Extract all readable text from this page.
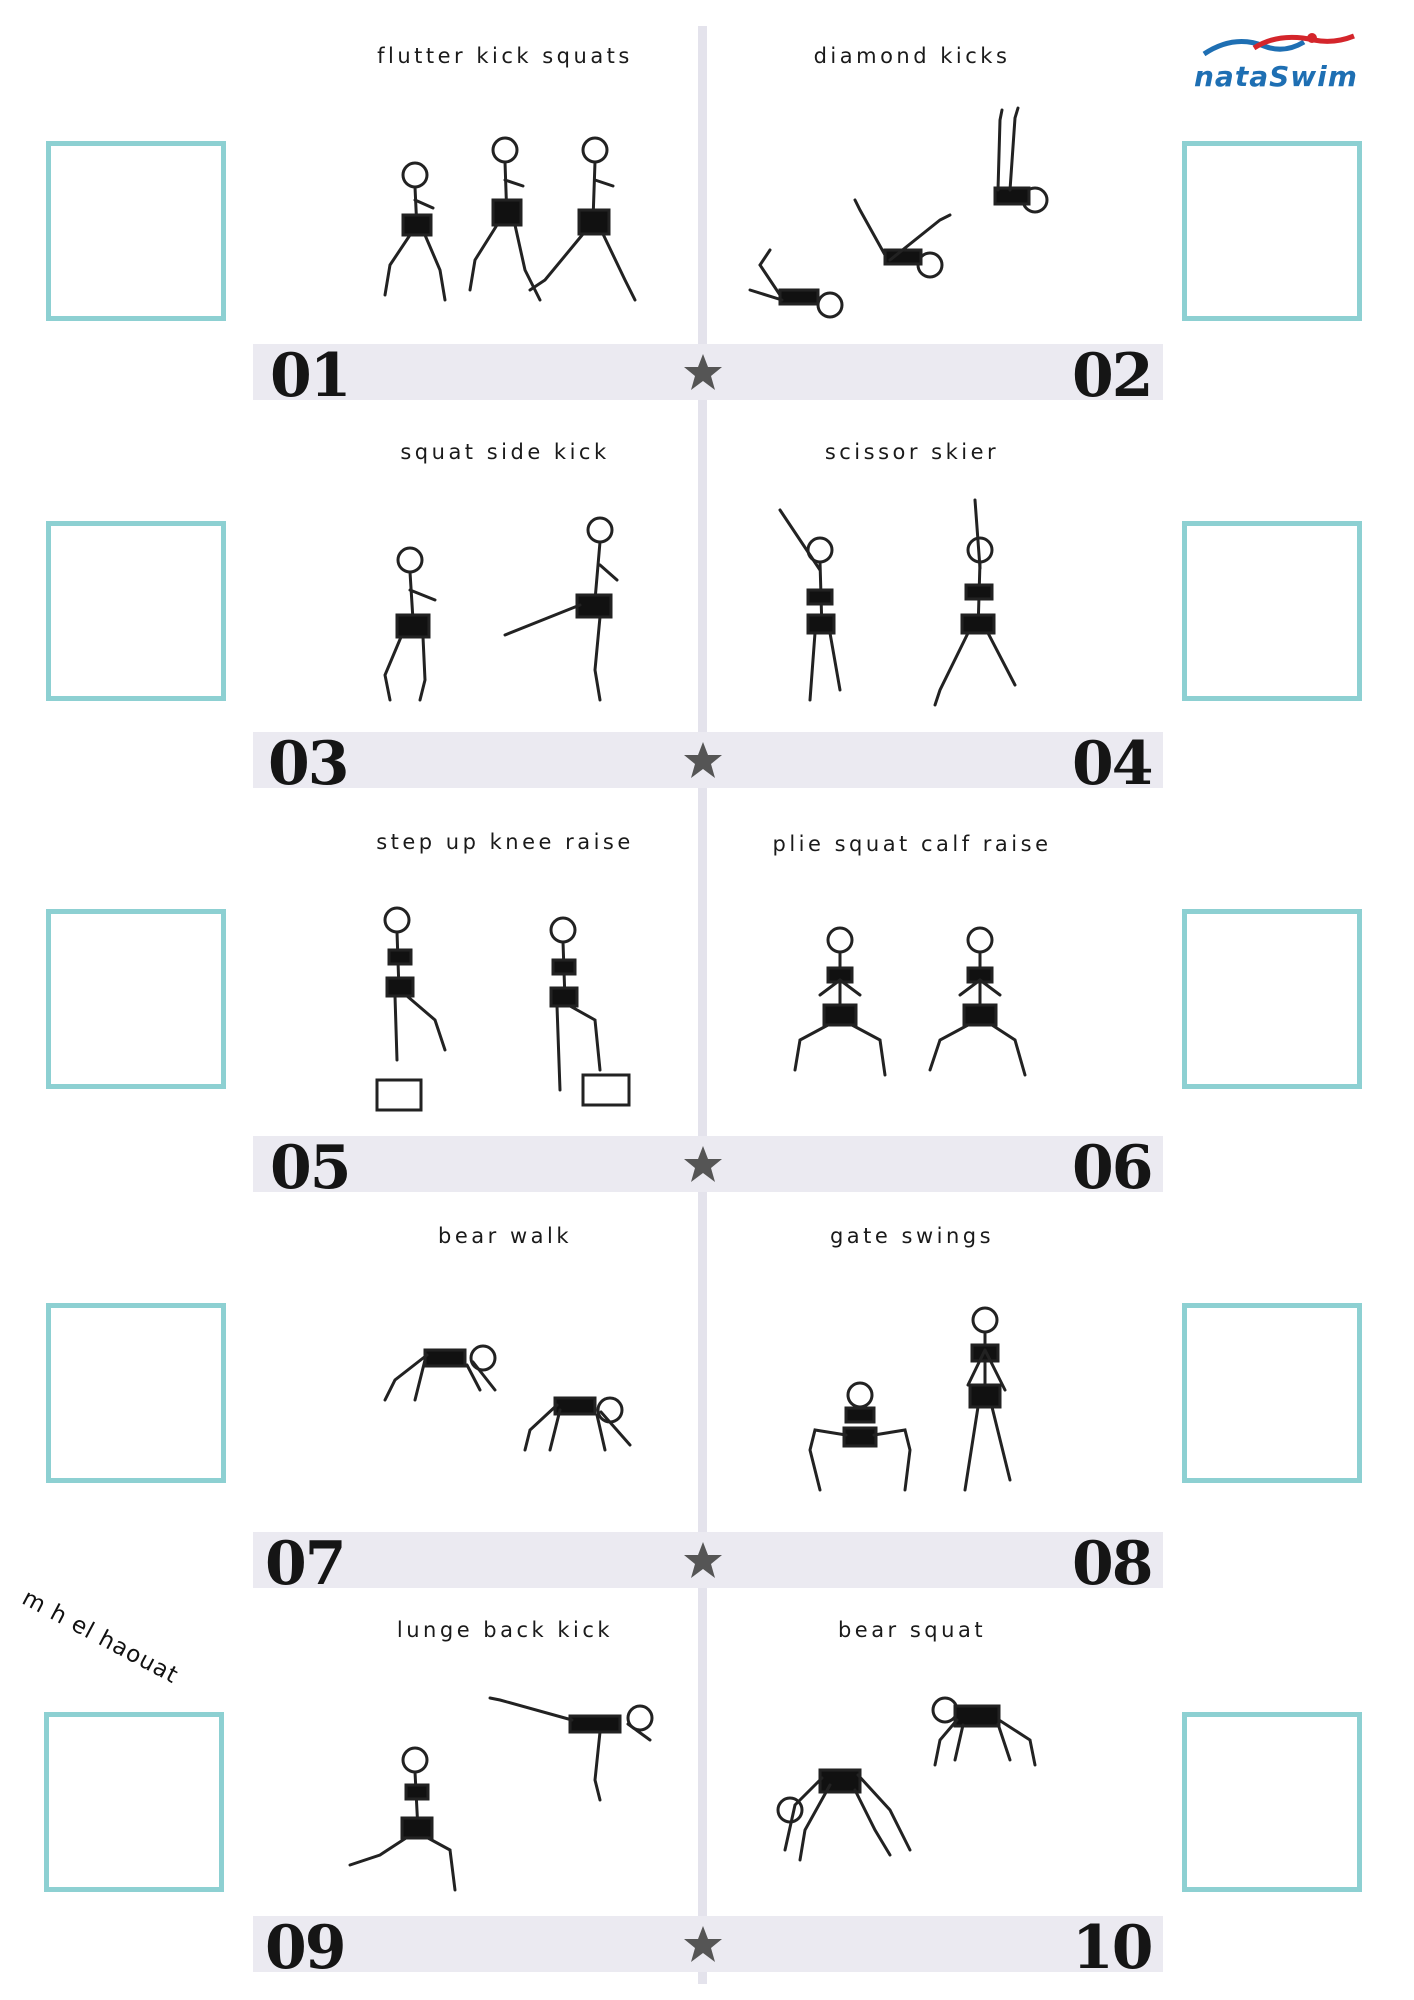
nataSwim
m h el haouat
flutter kick squats	diamond kicks
01	02
squat side kick	scissor skier
03	04
step up knee raise	plie squat calf raise
05	06
bear walk	gate swings
07	08
lunge back kick	bear squat
09	10
